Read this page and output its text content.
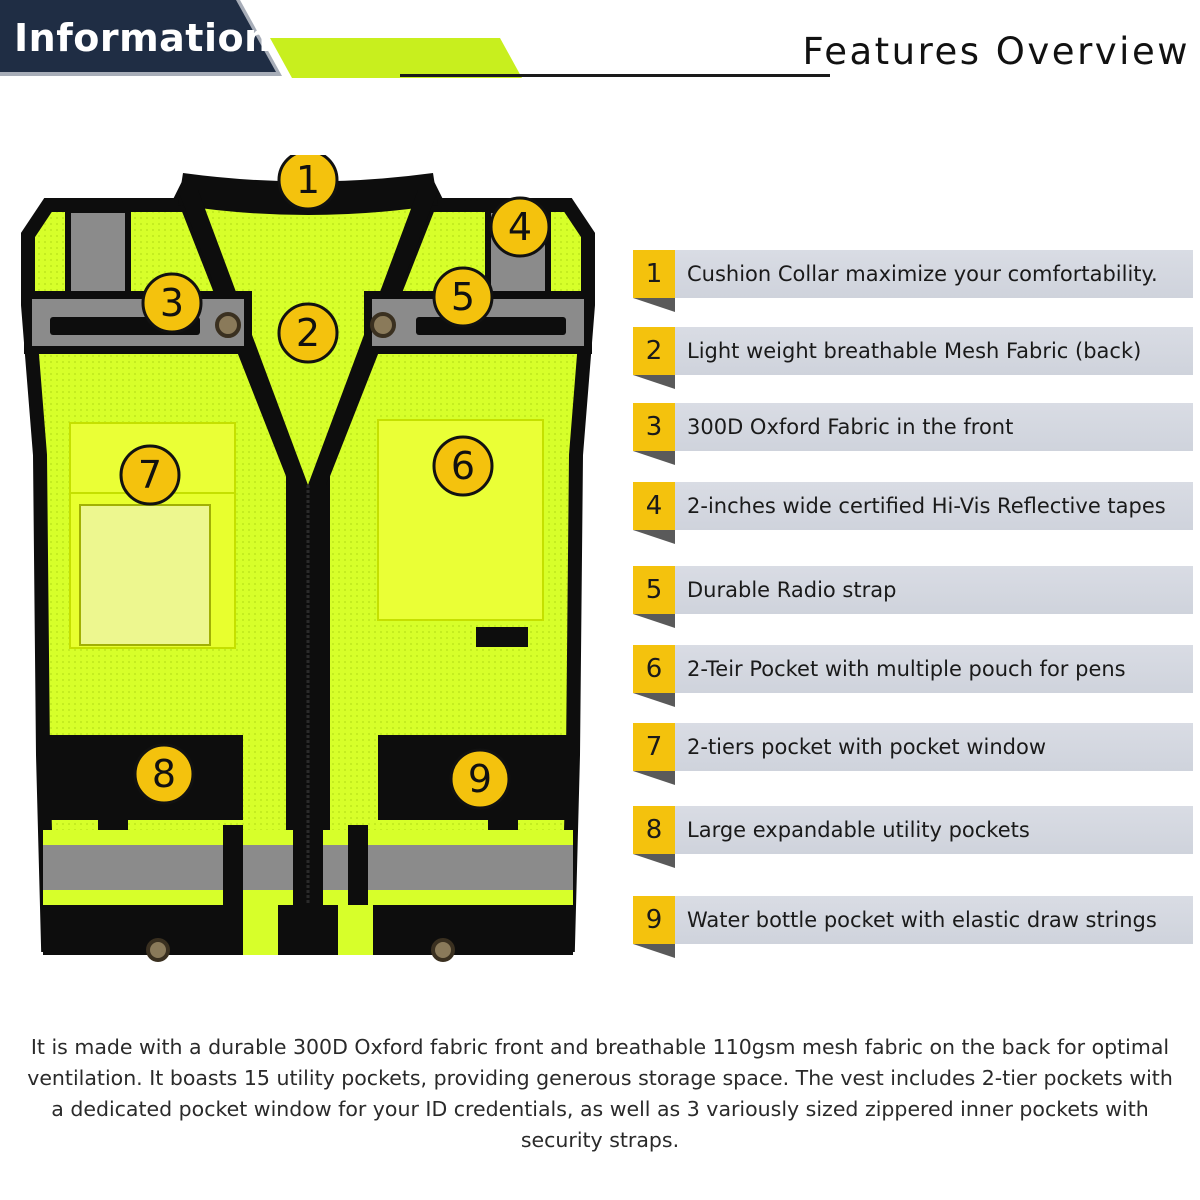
Information	Features Overview
1
2
3
4
5
6
7
8	9
1	Cushion Collar maximize your comfortability.
2	Light weight breathable Mesh Fabric (back)
3	300D Oxford Fabric in the front
4	2-inches wide certified Hi-Vis Reflective tapes
5	Durable Radio strap
6	2-Teir Pocket with multiple pouch for pens
7	2-tiers pocket with pocket window
8	Large expandable utility pockets
9	Water bottle pocket with elastic draw strings
It is made with a durable 300D Oxford fabric front and breathable 110gsm mesh fabric on the back for optimal ventilation. It boasts 15 utility pockets, providing generous storage space. The vest includes 2-tier pockets with a dedicated pocket window for your ID credentials, as well as 3 variously sized zippered inner pockets with security straps.
